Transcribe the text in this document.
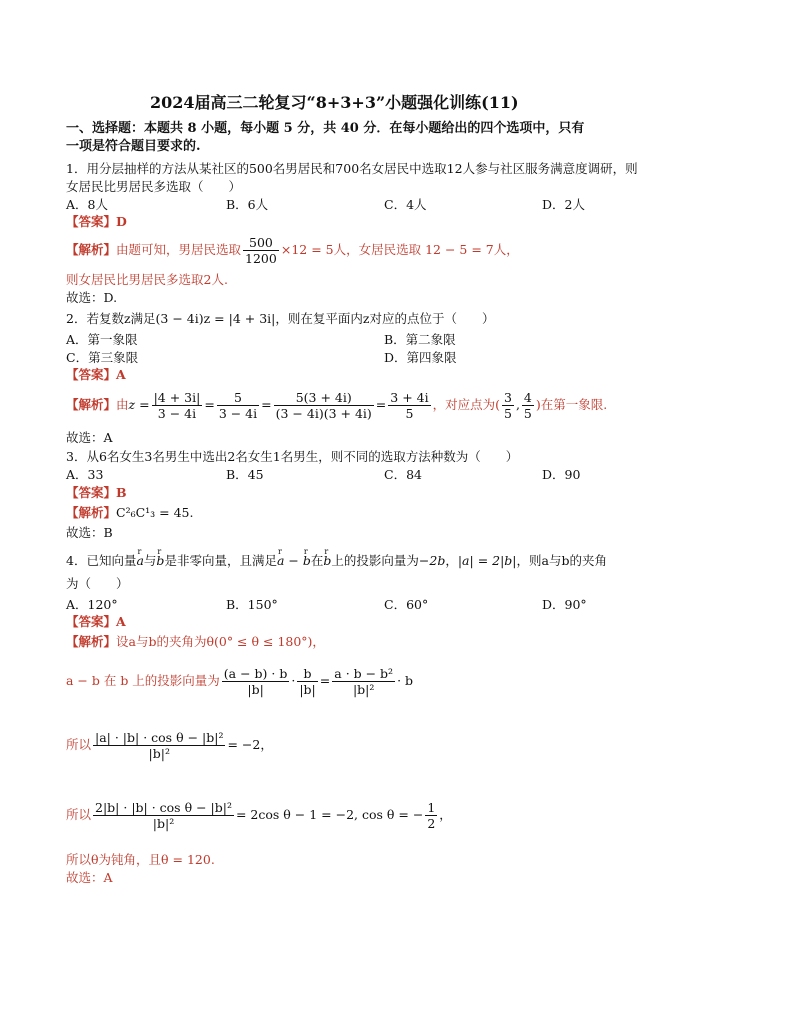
2024届高三二轮复习“8+3+3”小题强化训练(11)
一、选择题：本题共 8 小题，每小题 5 分，共 40 分．在每小题给出的四个选项中，只有
一项是符合题目要求的.
1．用分层抽样的方法从某社区的500名男居民和700名女居民中选取12人参与社区服务满意度调研，则
女居民比男居民多选取（　　）
A．8人	B．6人	C．4人	D．2人
【答案】D
【解析】由题可知，男居民选取 $\frac{500}{1200} \times 12 = 5$人，女居民选取 12 − 5 = 7人，
则女居民比男居民多选取2人.
故选：D.
2．若复数z满足(3 − 4i)z = |4 + 3i|，则在复平面内z对应的点位于（　　）
A．第一象限	B．第二象限
C．第三象限	D．第四象限
【答案】A
【解析】由$z = \frac{|4 + 3i|}{3 - 4i} = \frac{5}{3 - 4i} = \frac{5(3 + 4i)}{(3 - 4i)(3 + 4i)} = \frac{3 + 4i}{5}$ ，对应点为( $\frac{3}{5}$ , $\frac{4}{5}$ )在第一象限.
故选：A
3．从6名女生3名男生中选出2名女生1名男生，则不同的选取方法种数为（　　）
A．33	B．45	C．84	D．90
【答案】B
【解析】C²₆C¹₃ = 45.
故选：B
4．已知向量r a与r b是非零向量，且满足r a − r b在r b上的投影向量为−2b，|a| = 2|b|，则a与b的夹角
为（　　）
A．120°	B．150°	C．60°	D．90°
【答案】A
【解析】设a与b的夹角为θ(0° ≤ θ ≤ 180°)，
a − b 在 b 上的投影向量为 $\frac{(a - b) \cdot b}{|b|} \cdot \frac{b}{|b|} = \frac{\text{a · b − b²}}{\text{|b|²}} \cdot b$
所以 $\frac{\text{|a| · |b| · cos θ − |b|²}}{\text{|b|²}} = -2$，
所以 $\frac{\text{2|b| · |b| · cos θ − |b|²}}{\text{|b|²}} = 2\cos$ θ − 1 = −2, cos θ = − $\frac{1}{2}$ ，
所以θ为钝角，且θ = 120.
故选：A
